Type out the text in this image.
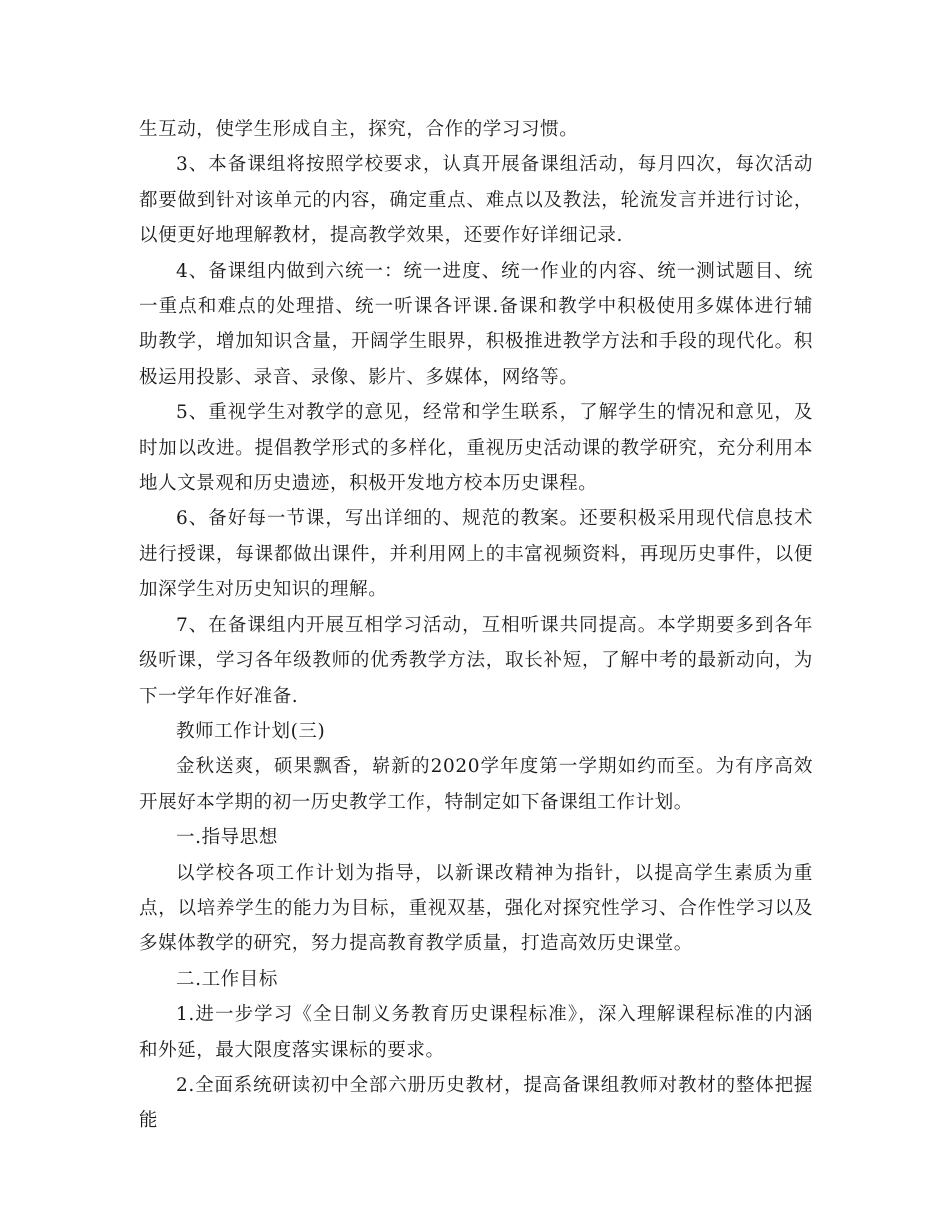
生互动，使学生形成自主，探究，合作的学习习惯。

3、本备课组将按照学校要求，认真开展备课组活动，每月四次，每次活动都要做到针对该单元的内容，确定重点、难点以及教法，轮流发言并进行讨论，以便更好地理解教材，提高教学效果，还要作好详细记录.

4、备课组内做到六统一：统一进度、统一作业的内容、统一测试题目、统一重点和难点的处理措、统一听课各评课.备课和教学中积极使用多媒体进行辅助教学，增加知识含量，开阔学生眼界，积极推进教学方法和手段的现代化。积极运用投影、录音、录像、影片、多媒体，网络等。

5、重视学生对教学的意见，经常和学生联系，了解学生的情况和意见，及时加以改进。提倡教学形式的多样化，重视历史活动课的教学研究，充分利用本地人文景观和历史遗迹，积极开发地方校本历史课程。

6、备好每一节课，写出详细的、规范的教案。还要积极采用现代信息技术进行授课，每课都做出课件，并利用网上的丰富视频资料，再现历史事件，以便加深学生对历史知识的理解。

7、在备课组内开展互相学习活动，互相听课共同提高。本学期要多到各年级听课，学习各年级教师的优秀教学方法，取长补短，了解中考的最新动向，为下一学年作好准备.

教师工作计划(三)

金秋送爽，硕果飘香，崭新的2020学年度第一学期如约而至。为有序高效开展好本学期的初一历史教学工作，特制定如下备课组工作计划。

一.指导思想

以学校各项工作计划为指导，以新课改精神为指针，以提高学生素质为重点，以培养学生的能力为目标，重视双基，强化对探究性学习、合作性学习以及多媒体教学的研究，努力提高教育教学质量，打造高效历史课堂。

二.工作目标

1.进一步学习《全日制义务教育历史课程标准》，深入理解课程标准的内涵和外延，最大限度落实课标的要求。

2.全面系统研读初中全部六册历史教材，提高备课组教师对教材的整体把握能
